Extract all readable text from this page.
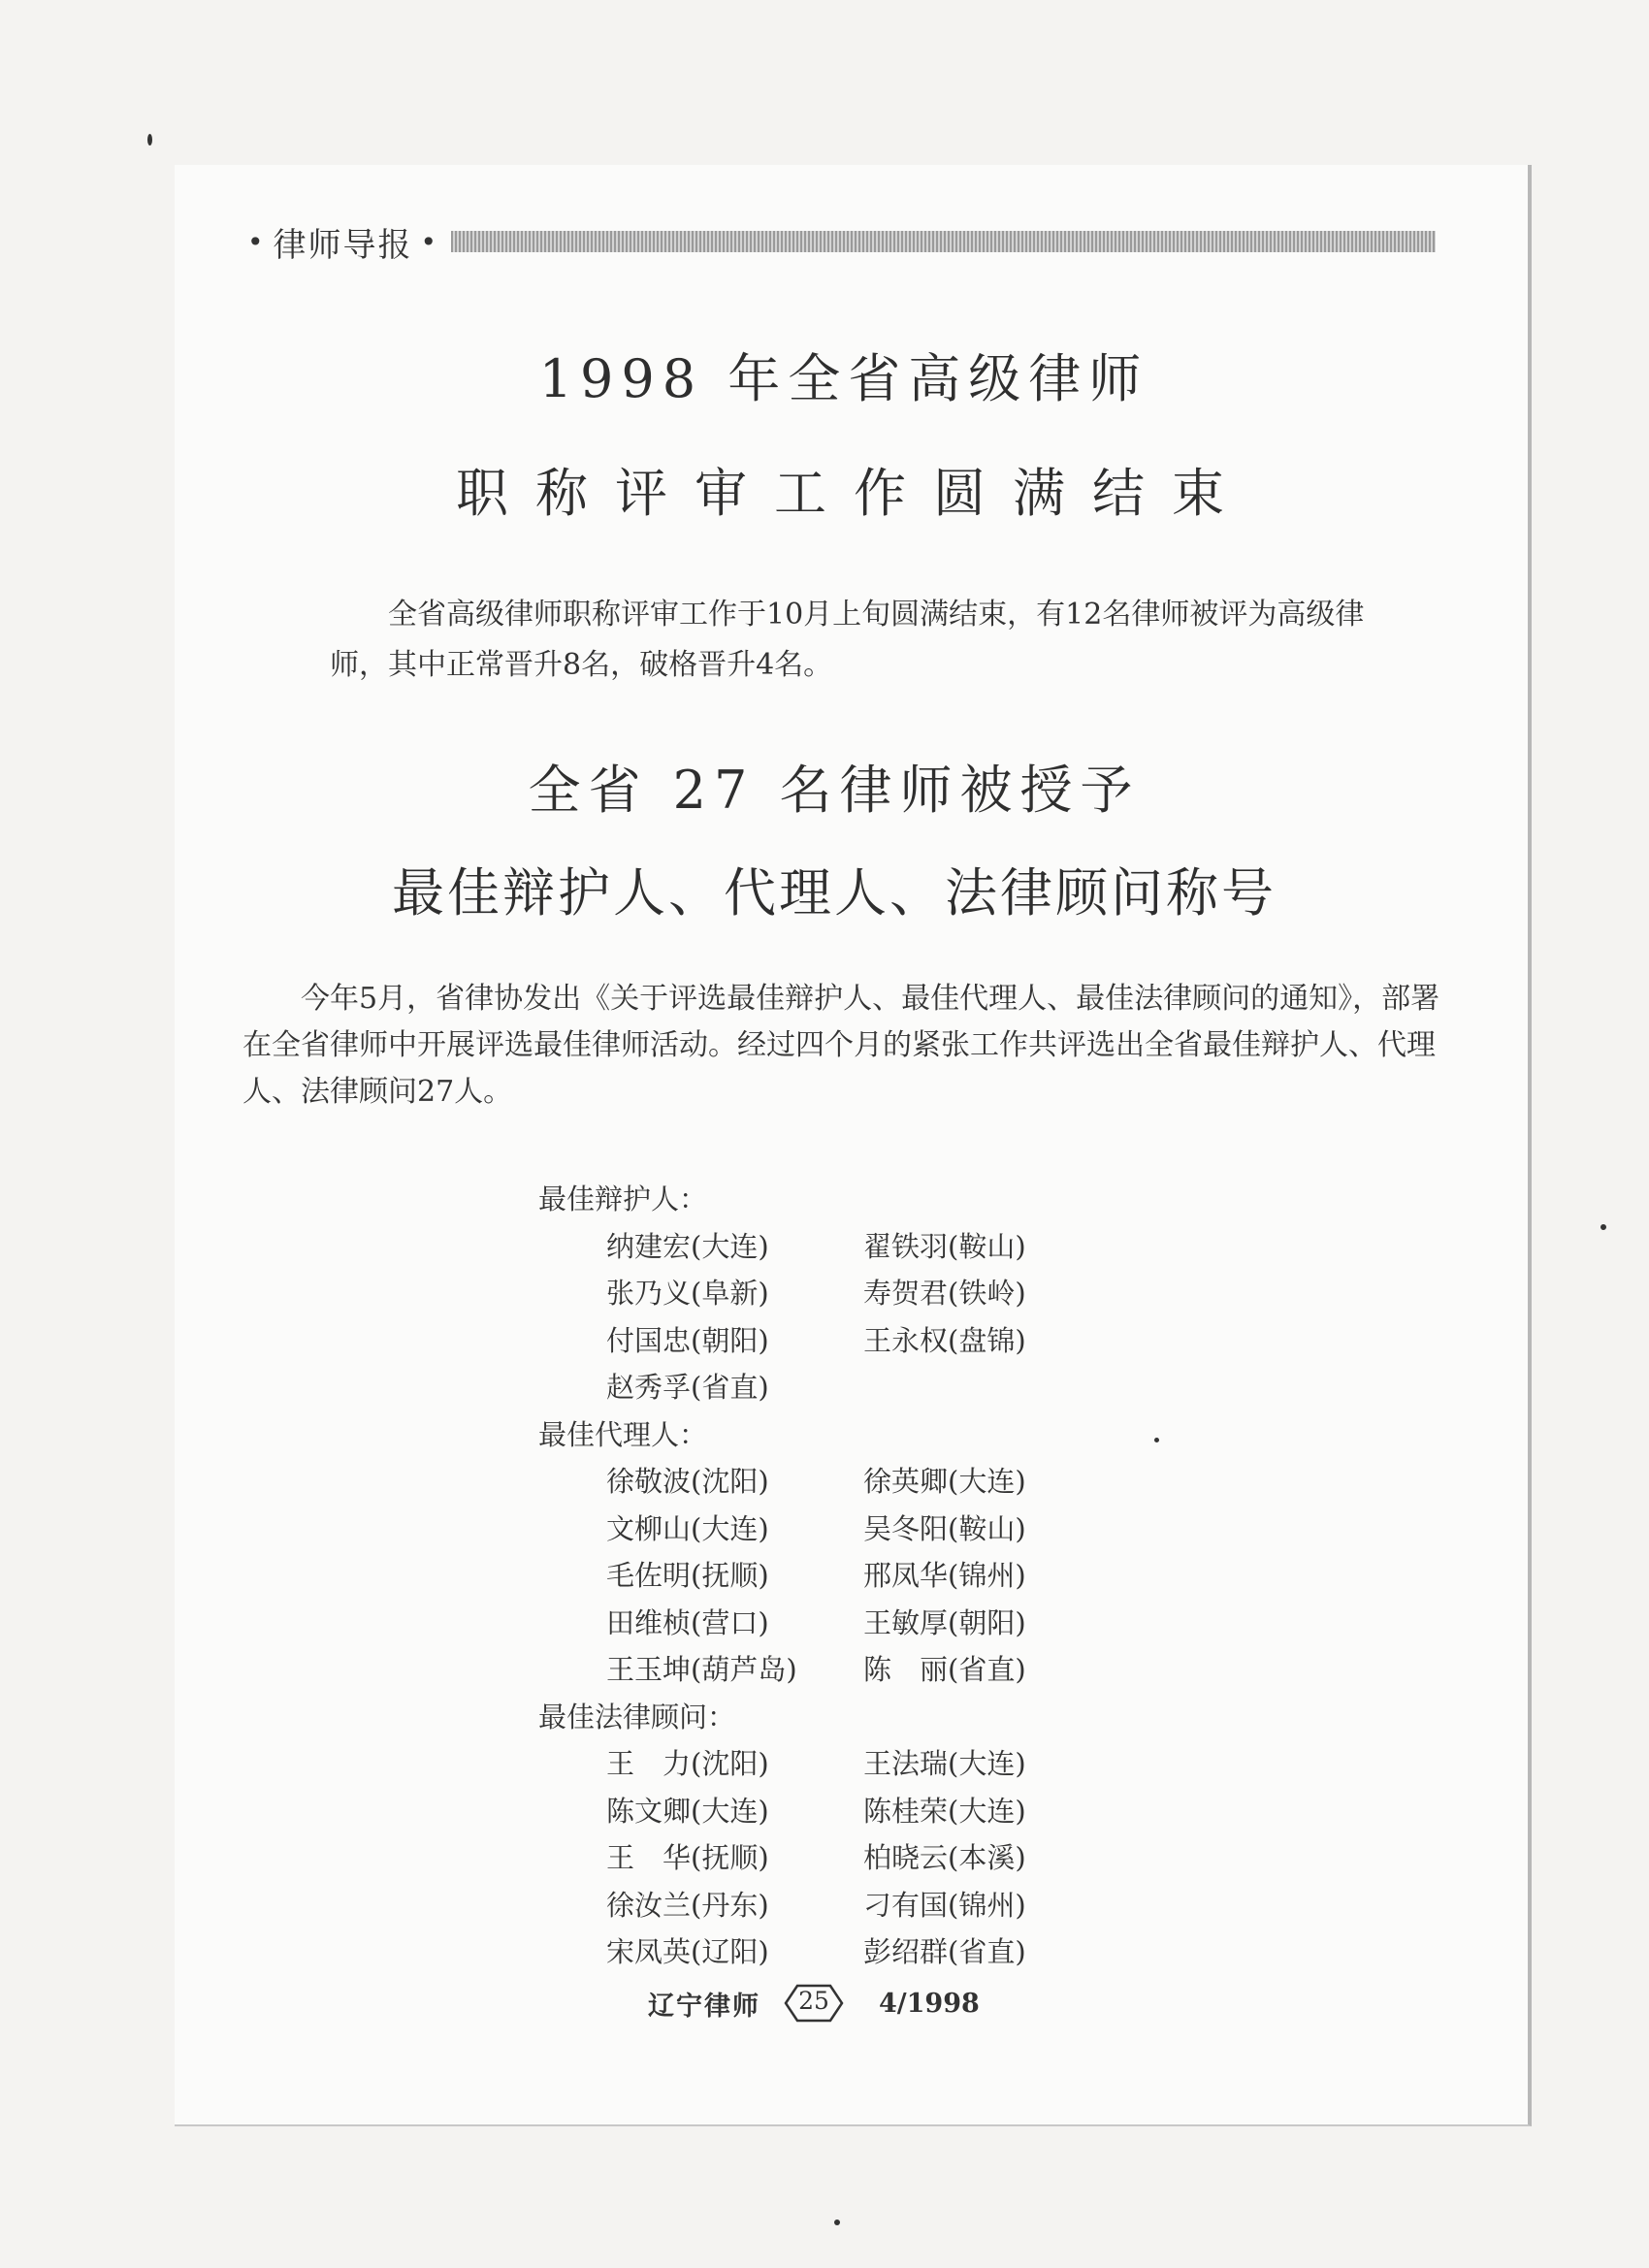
• 律师导报 •
1998 年全省高级律师
职称评审工作圆满结束

全省高级律师职称评审工作于10月上旬圆满结束，有12名律师被评为高级律师，其中正常晋升8名，破格晋升4名。

全省 27 名律师被授予
最佳辩护人、代理人、法律顾问称号

今年5月，省律协发出《关于评选最佳辩护人、最佳代理人、最佳法律顾问的通知》，部署在全省律师中开展评选最佳律师活动。经过四个月的紧张工作共评选出全省最佳辩护人、代理人、法律顾问27人。

最佳辩护人：
纳建宏(大连)	翟铁羽(鞍山)
张乃义(阜新)	寿贺君(铁岭)
付国忠(朝阳)	王永权(盘锦)
赵秀孚(省直)
最佳代理人：
徐敬波(沈阳)	徐英卿(大连)
文柳山(大连)	吴冬阳(鞍山)
毛佐明(抚顺)	邢凤华(锦州)
田维桢(营口)	王敏厚(朝阳)
王玉坤(葫芦岛)	陈　丽(省直)
最佳法律顾问：
王　力(沈阳)	王法瑞(大连)
陈文卿(大连)	陈桂荣(大连)
王　华(抚顺)	柏晓云(本溪)
徐汝兰(丹东)	刁有国(锦州)
宋凤英(辽阳)	彭绍群(省直)
辽宁律师	25	4/1998
